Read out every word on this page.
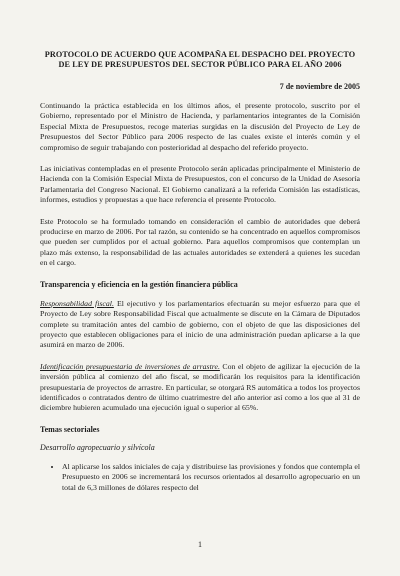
PROTOCOLO DE ACUERDO QUE ACOMPAÑA EL DESPACHO DEL PROYECTO DE LEY DE PRESUPUESTOS DEL SECTOR PÚBLICO PARA EL AÑO 2006
7 de noviembre de 2005

Continuando la práctica establecida en los últimos años, el presente protocolo, suscrito por el Gobierno, representado por el Ministro de Hacienda, y parlamentarios integrantes de la Comisión Especial Mixta de Presupuestos, recoge materias surgidas en la discusión del Proyecto de Ley de Presupuestos del Sector Público para 2006 respecto de las cuales existe el interés común y el compromiso de seguir trabajando con posterioridad al despacho del referido proyecto.

Las iniciativas contempladas en el presente Protocolo serán aplicadas principalmente el Ministerio de Hacienda con la Comisión Especial Mixta de Presupuestos, con el concurso de la Unidad de Asesoría Parlamentaria del Congreso Nacional. El Gobierno canalizará a la referida Comisión las estadísticas, informes, estudios y propuestas a que hace referencia el presente Protocolo.

Este Protocolo se ha formulado tomando en consideración el cambio de autoridades que deberá producirse en marzo de 2006. Por tal razón, su contenido se ha concentrado en aquellos compromisos que pueden ser cumplidos por el actual gobierno. Para aquellos compromisos que contemplan un plazo más extenso, la responsabilidad de las actuales autoridades se extenderá a quienes les sucedan en el cargo.

Transparencia y eficiencia en la gestión financiera pública

Responsabilidad fiscal. El ejecutivo y los parlamentarios efectuarán su mejor esfuerzo para que el Proyecto de Ley sobre Responsabilidad Fiscal que actualmente se discute en la Cámara de Diputados complete su tramitación antes del cambio de gobierno, con el objeto de que las disposiciones del proyecto que establecen obligaciones para el inicio de una administración puedan aplicarse a la que asumirá en marzo de 2006.

Identificación presupuestaria de inversiones de arrastre. Con el objeto de agilizar la ejecución de la inversión pública al comienzo del año fiscal, se modificarán los requisitos para la identificación presupuestaria de proyectos de arrastre. En particular, se otorgará RS automática a todos los proyectos identificados o contratados dentro de último cuatrimestre del año anterior así como a los que al 31 de diciembre hubieren acumulado una ejecución igual o superior al 65%.

Temas sectoriales
Desarrollo agropecuario y silvícola
• Al aplicarse los saldos iniciales de caja y distribuirse las provisiones y fondos que contempla el Presupuesto en 2006 se incrementará los recursos orientados al desarrollo agropecuario en un total de 6,3 millones de dólares respecto del
1
